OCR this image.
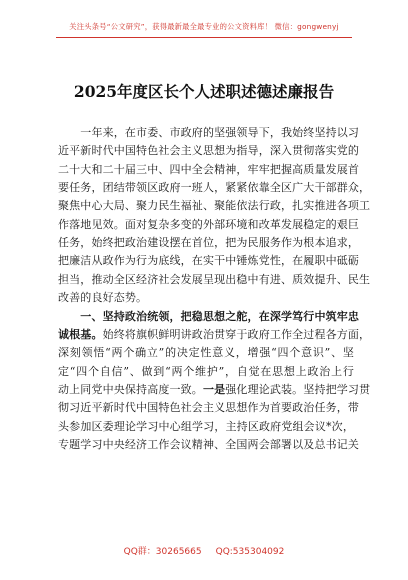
关注头条号“公文研究”，获得最新最全最专业的公文资料库！ 微信：gongwenyj
2025年度区长个人述职述德述廉报告
　　一年来，在市委、市政府的坚强领导下，我始终坚持以习
近平新时代中国特色社会主义思想为指导，深入贯彻落实党的
二十大和二十届三中、四中全会精神，牢牢把握高质量发展首
要任务，团结带领区政府一班人，紧紧依靠全区广大干部群众，
聚焦中心大局、聚力民生福祉、聚能依法行政，扎实推进各项工
作落地见效。面对复杂多变的外部环境和改革发展稳定的艰巨
任务，始终把政治建设摆在首位，把为民服务作为根本追求，
把廉洁从政作为行为底线，在实干中锤炼党性，在履职中砥砺
担当，推动全区经济社会发展呈现出稳中有进、质效提升、民生
改善的良好态势。
　　一、坚持政治统领，把稳思想之舵，在深学笃行中筑牢忠
诚根基。始终将旗帜鲜明讲政治贯穿于政府工作全过程各方面，
深刻领悟“两个确立”的决定性意义，增强“四个意识”、坚
定“四个自信”、做到“两个维护”，自觉在思想上政治上行
动上同党中央保持高度一致。一是强化理论武装。坚持把学习贯
彻习近平新时代中国特色社会主义思想作为首要政治任务，带
头参加区委理论学习中心组学习，主持区政府党组会议*次，
专题学习中央经济工作会议精神、全国两会部署以及总书记关
QQ群：30265665 QQ:535304092
